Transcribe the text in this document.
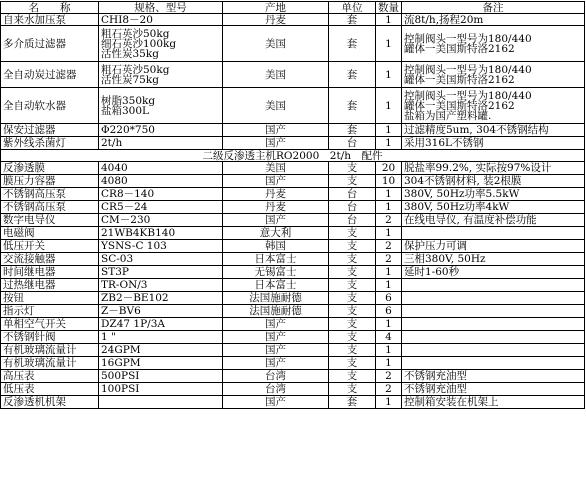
名　　称	规格、型号	产地	单位	数量	备注
自来水加压泵	CHI8－20	丹麦	套	1	流8t/h,扬程20m
多介质过滤器	粗石英沙50kg
细石英沙100kg
活性炭35kg	美国	套	1	控制阀头一型号为180/440
罐体一美国斯特洛2162
全自动炭过滤器	粗石英沙50kg
活性炭75kg	美国	套	1	控制阀头一型号为180/440
罐体一美国斯特洛2162
全自动软水器	树脂350kg
盐箱300L	美国	套	1	控制阀头一型号为180/440
罐体一美国斯特洛2162
盐箱为国产塑料罐.
保安过滤器	Φ220*750	国产	套	1	过滤精度5um, 304不锈钢结构
紫外线杀菌灯	2t/h	国产	台	1	采用316L不锈钢
二级反渗透主机RO2000　2t/h　配件					
反渗透膜	4040	美国	支	20	脱盐率99.2%, 实际按97%设计
膜压力容器	4080	国产	支	10	304不锈钢材料, 装2根膜
不锈钢高压泵	CR8－140	丹麦	台	1	380V, 50Hz功率5.5kW
不锈钢高压泵	CR5－24	丹麦	台	1	380V, 50Hz功率4kW
数字电导仪	CM－230	国产	台	2	在线电导仪, 有温度补偿功能
电磁阀	21WB4KB140	意大利	支	1	
低压开关	YSNS-C 103	韩国	支	2	保护压力可调
交流接触器	SC-03	日本富士	支	2	三相380V, 50Hz
时间继电器	ST3P	无锡富士	支	1	延时1-60秒
过热继电器	TR-ON/3	日本富士	支	1	
按钮	ZB2－BE102	法国施耐德	支	6	
指示灯	Z－BV6	法国施耐德	支	6	
单相空气开关	DZ47 1P/3A	国产	支	1	
不锈钢针阀	1 "	国产	支	4	
有机玻璃流量计	24GPM	国产	支	1	
有机玻璃流量计	16GPM	国产	支	1	
高压表	500PSI	台湾	支	2	不锈钢充油型
低压表	100PSI	台湾	支	2	不锈钢充油型
反渗透机机架		国产	套	1	控制箱安装在机架上
